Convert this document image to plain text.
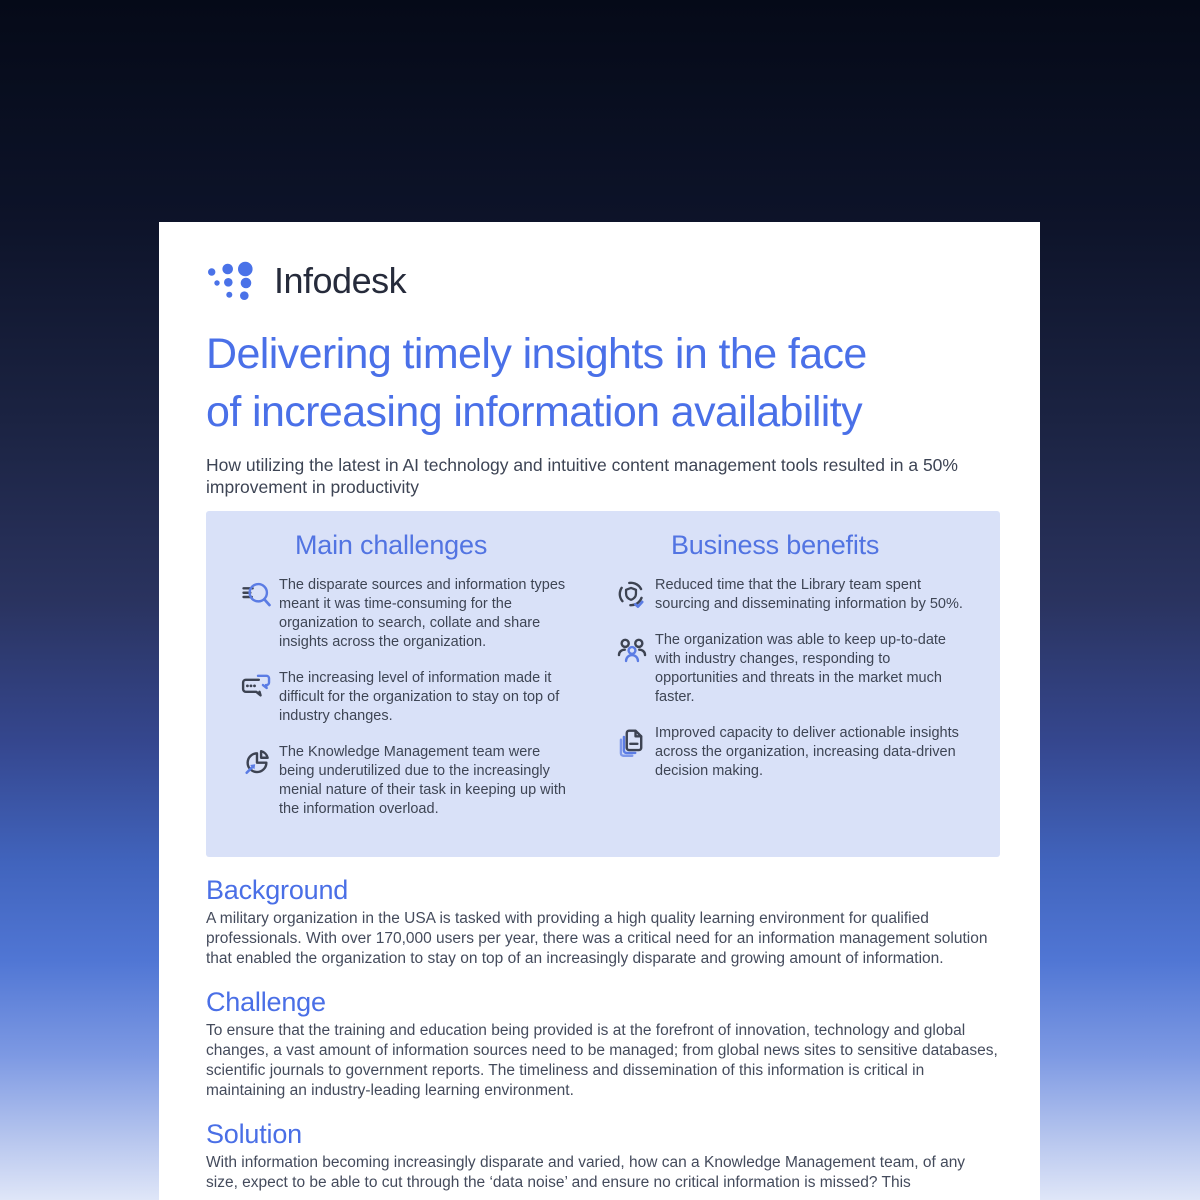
Infodesk
Delivering timely insights in the face
of increasing information availability

How utilizing the latest in AI technology and intuitive content management tools resulted in a 50% improvement in productivity

Main challenges
The disparate sources and information types meant it was time-consuming for the organization to search, collate and share insights across the organization.
The increasing level of information made it difficult for the organization to stay on top of industry changes.
The Knowledge Management team were being underutilized due to the increasingly menial nature of their task in keeping up with the information overload.
Business benefits
Reduced time that the Library team spent sourcing and disseminating information by 50%.
The organization was able to keep up-to-date with industry changes, responding to opportunities and threats in the market much faster.
Improved capacity to deliver actionable insights across the organization, increasing data-driven decision making.
Background

A military organization in the USA is tasked with providing a high quality learning environment for qualified professionals. With over 170,000 users per year, there was a critical need for an information management solution that enabled the organization to stay on top of an increasingly disparate and growing amount of information.

Challenge

To ensure that the training and education being provided is at the forefront of innovation, technology and global changes, a vast amount of information sources need to be managed; from global news sites to sensitive databases, scientific journals to government reports. The timeliness and dissemination of this information is critical in maintaining an industry-leading learning environment.

Solution

With information becoming increasingly disparate and varied, how can a Knowledge Management team, of any size, expect to be able to cut through the ‘data noise’ and ensure no critical information is missed? This
